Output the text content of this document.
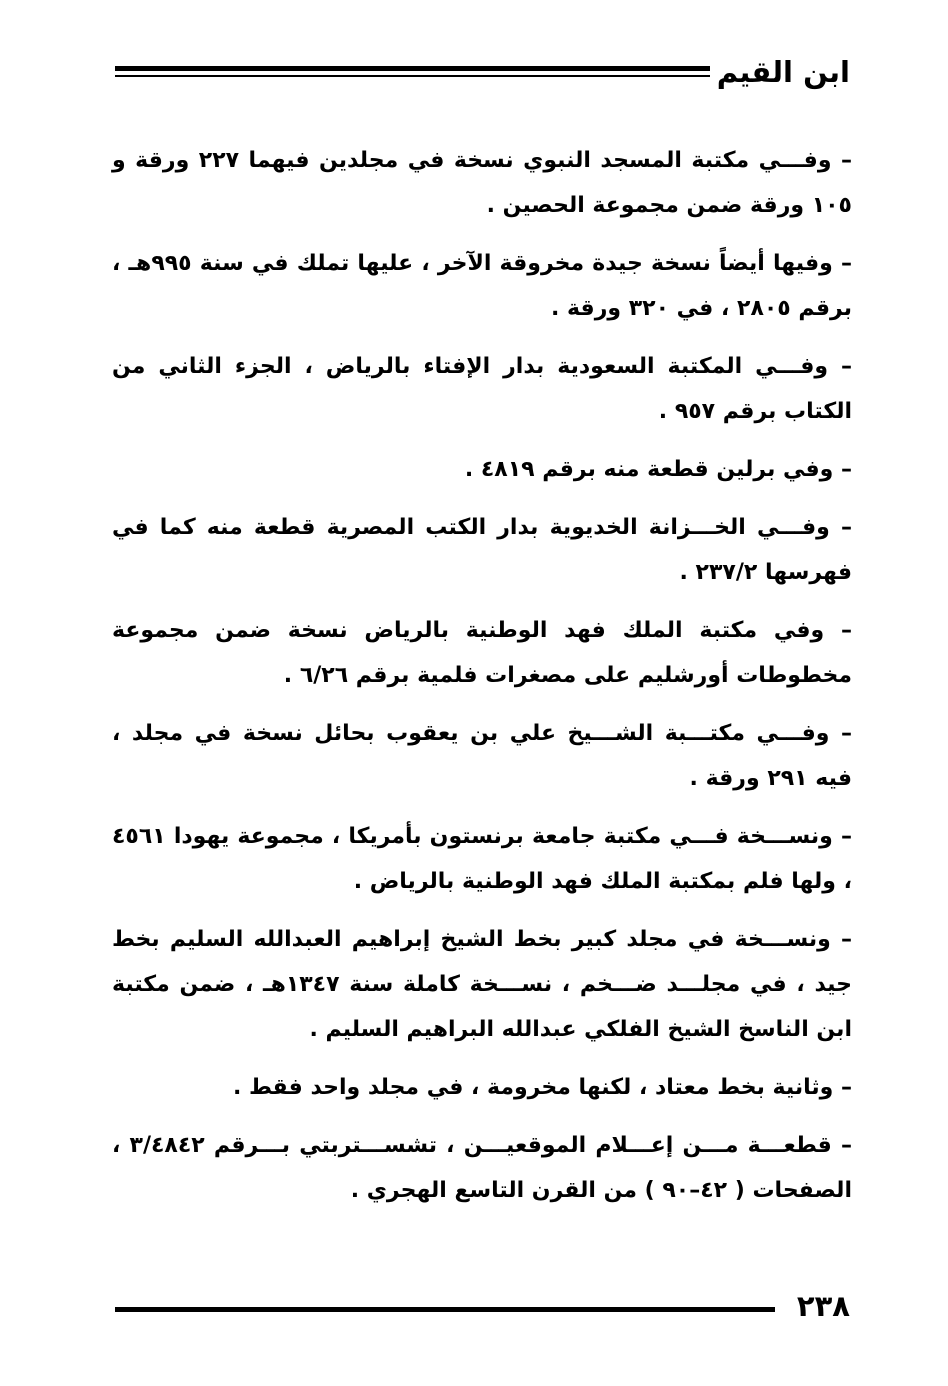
ابن القيم

– وفـــي مكتبة المسجد النبوي نسخة في مجلدين فيهما ٢٢٧ ورقة و ١٠٥ ورقة ضمن مجموعة الحصين .

– وفيها أيضاً نسخة جيدة مخروقة الآخر ، عليها تملك في سنة ٩٩٥هـ ، برقم ٢٨٠٥ ، في ٣٢٠ ورقة .

– وفـــي المكتبة السعودية بدار الإفتاء بالرياض ، الجزء الثاني من الكتاب برقم ٩٥٧ .

– وفي برلين قطعة منه برقم ٤٨١٩ .

– وفـــي الخـــزانة الخديوية بدار الكتب المصرية قطعة منه كما في فهرسها ٢٣٧/٢ .

– وفي مكتبة الملك فهد الوطنية بالرياض نسخة ضمن مجموعة مخطوطات أورشليم على مصغرات فلمية برقم ٦/٢٦ .

– وفـــي مكتـــبة الشـــيخ علي بن يعقوب بحائل نسخة في مجلد ، فيه ٢٩١ ورقة .

– ونســـخة فـــي مكتبة جامعة برنستون بأمريكا ، مجموعة يهودا ٤٥٦١ ، ولها فلم بمكتبة الملك فهد الوطنية بالرياض .

– ونســـخة في مجلد كبير بخط الشيخ إبراهيم العبدالله السليم بخط جيد ، في مجلـــد ضـــخم ، نســـخة كاملة سنة ١٣٤٧هـ ، ضمن مكتبة ابن الناسخ الشيخ الفلكي عبدالله البراهيم السليم .

– وثانية بخط معتاد ، لكنها مخرومة ، في مجلد واحد فقط .

– قطعـــة مـــن إعـــلام الموقعيـــن ، تشســـتربتي بـــرقم ٣/٤٨٤٢ ، الصفحات ( ٤٢–٩٠ ) من القرن التاسع الهجري .

٢٣٨
